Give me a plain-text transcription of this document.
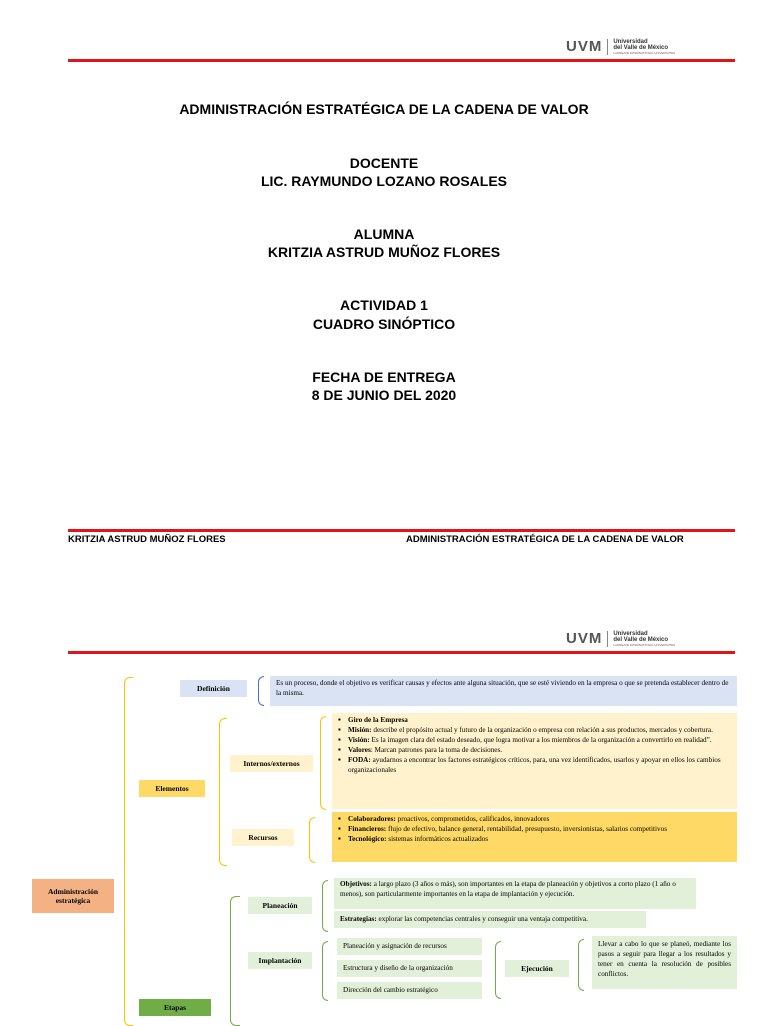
UVM Universidad
del Valle de México
LAUREATE INTERNATIONAL UNIVERSITIES
ADMINISTRACIÓN ESTRATÉGICA DE LA CADENA DE VALOR
DOCENTE
LIC. RAYMUNDO LOZANO ROSALES
ALUMNA
KRITZIA ASTRUD MUÑOZ FLORES
ACTIVIDAD 1
CUADRO SINÓPTICO
FECHA DE ENTREGA
8 DE JUNIO DEL 2020
KRITZIA ASTRUD MUÑOZ FLORES	ADMINISTRACIÓN ESTRATÉGICA DE LA CADENA DE VALOR
UVM Universidad
del Valle de México
LAUREATE INTERNATIONAL UNIVERSITIES
Administración estratégica
Definición
Es un proceso, donde el objetivo es verificar causas y efectos ante alguna situación, que se esté viviendo en la empresa o que se pretenda establecer dentro de la misma.
Elementos
Internos/externos
▪ Giro de la Empresa
▪ Misión: describe el propósito actual y futuro de la organización o empresa con relación a sus productos, mercados y cobertura.
▪ Visión: Es la imagen clara del estado deseado, que logra motivar a los miembros de la organización a convertirlo en realidad”.
▪ Valores: Marcan patrones para la toma de decisiones.
▪ FODA: ayudarnos a encontrar los factores estratégicos críticos, para, una vez identificados, usarlos y apoyar en ellos los cambios organizacionales
Recursos
▪ Colaboradores: proactivos, comprometidos, calificados, innovadores
▪ Financieros: flujo de efectivo, balance general, rentabilidad, presupuesto, inversionistas, salarios competitivos
▪ Tecnológico: sistemas informáticos actualizados
Etapas
Planeación
Objetivos: a largo plazo (3 años o más), son importantes en la etapa de planeación y objetivos a corto plazo (1 año o menos), son particularmente importantes en la etapa de implantación y ejecución.
Estrategias: explorar las competencias centrales y conseguir una ventaja competitiva.
Implantación
Planeación y asignación de recursos
Estructura y diseño de la organización
Dirección del cambio estratégico
Ejecución
Llevar a cabo lo que se planeó, mediante los pasos a seguir para llegar a los resultados y tener en cuenta la resolución de posibles conflictos.
